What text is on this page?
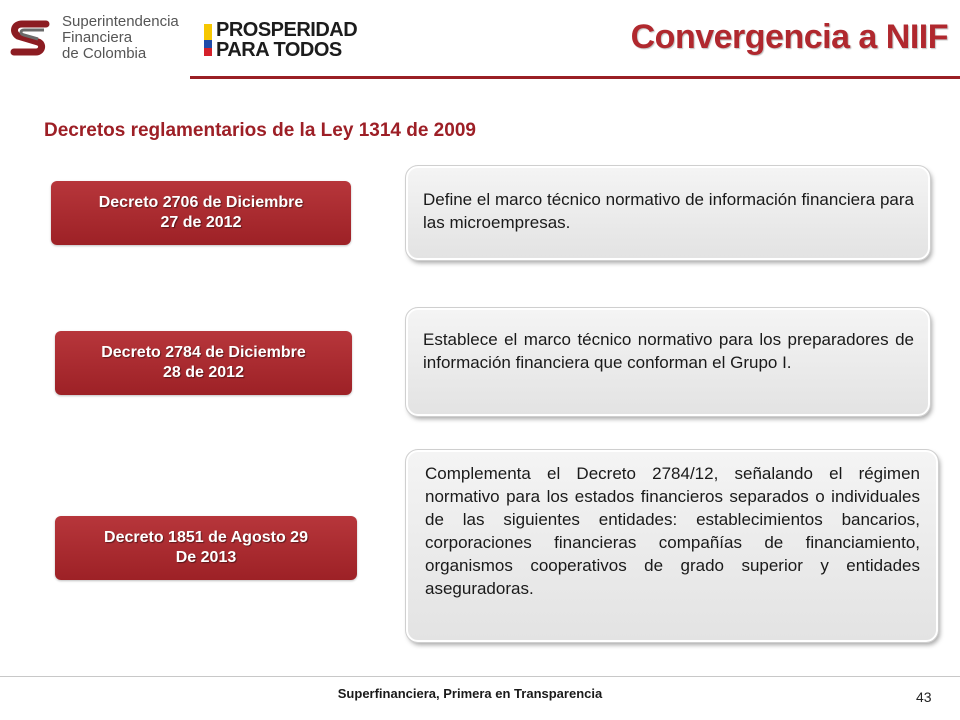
Superintendencia
Financiera
de Colombia
PROSPERIDAD
PARA TODOS	Convergencia a NIIF
Decretos reglamentarios de la Ley 1314 de 2009
Decreto 2706 de Diciembre
27 de 2012
Define el marco técnico normativo de información financiera para las microempresas.
Decreto 2784 de Diciembre
28 de 2012
Establece el marco técnico normativo para los preparadores de información financiera que conforman el Grupo I.
Decreto 1851 de Agosto 29
De 2013
Complementa el Decreto 2784/12, señalando el régimen normativo para los estados financieros separados o individuales de las siguientes entidades: establecimientos bancarios, corporaciones financieras compañías de financiamiento, organismos cooperativos de grado superior y entidades aseguradoras.
Superfinanciera, Primera en Transparencia	43
